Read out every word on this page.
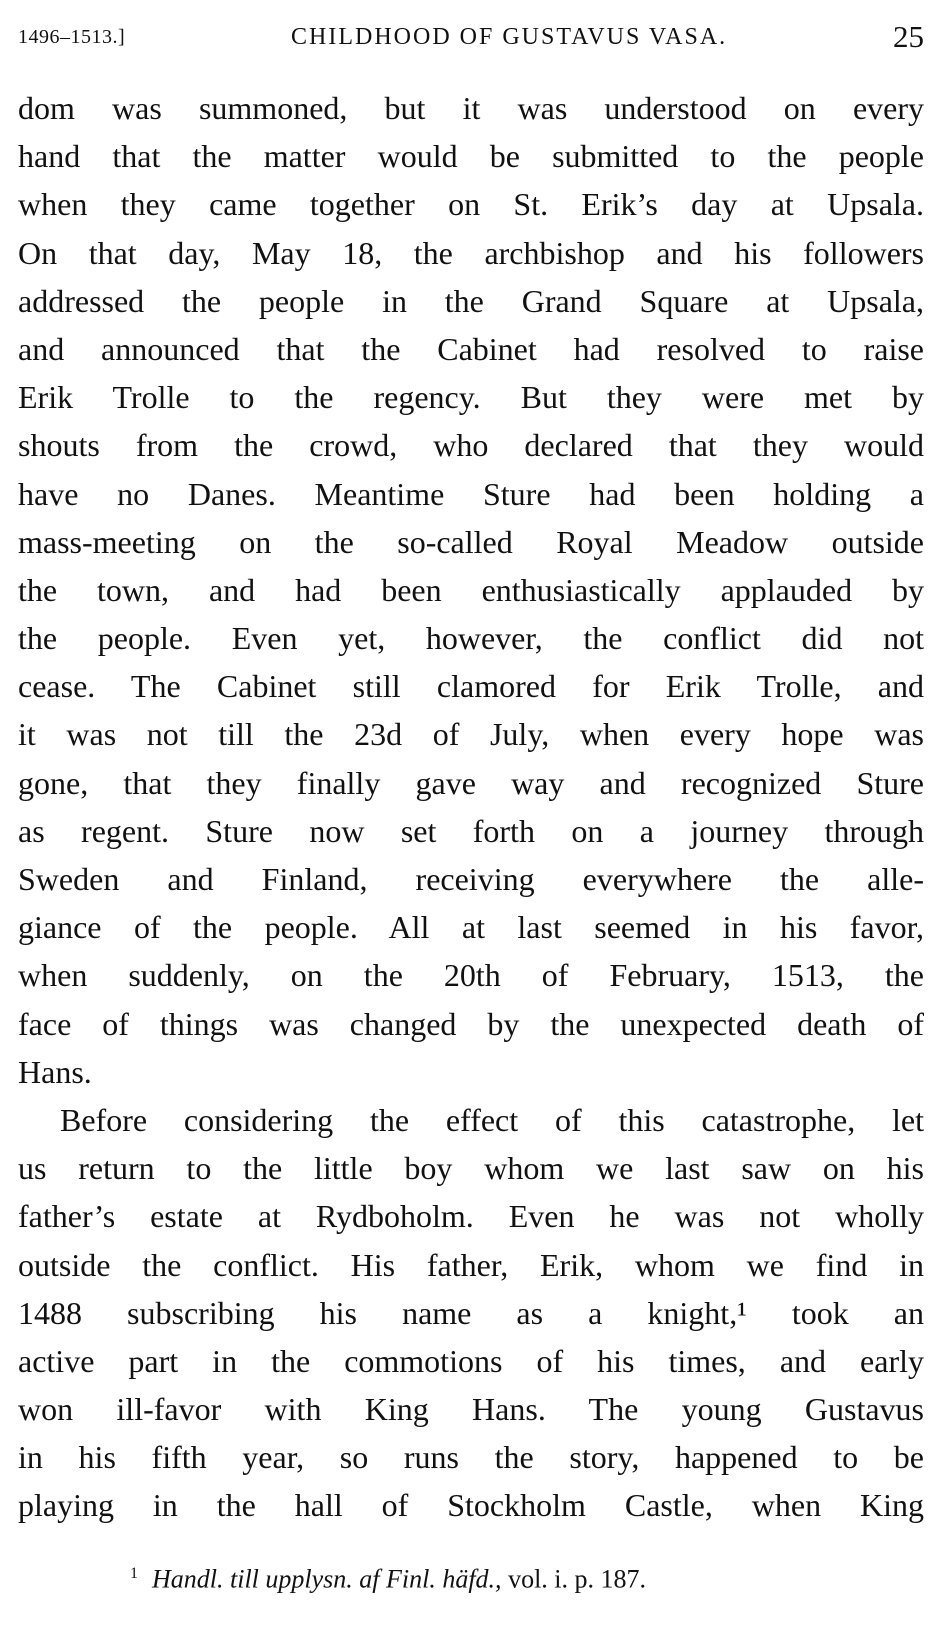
1496–1513.]	CHILDHOOD OF GUSTAVUS VASA.	25
dom was summoned, but it was understood on every
hand that the matter would be submitted to the people
when they came together on St. Erik’s day at Upsala.
On that day, May 18, the archbishop and his followers
addressed the people in the Grand Square at Upsala,
and announced that the Cabinet had resolved to raise
Erik Trolle to the regency. But they were met by
shouts from the crowd, who declared that they would
have no Danes. Meantime Sture had been holding a
mass-meeting on the so-called Royal Meadow outside
the town, and had been enthusiastically applauded by
the people. Even yet, however, the conflict did not
cease. The Cabinet still clamored for Erik Trolle, and
it was not till the 23d of July, when every hope was
gone, that they finally gave way and recognized Sture
as regent. Sture now set forth on a journey through
Sweden and Finland, receiving everywhere the alle-
giance of the people. All at last seemed in his favor,
when suddenly, on the 20th of February, 1513, the
face of things was changed by the unexpected death of
Hans.
Before considering the effect of this catastrophe, let
us return to the little boy whom we last saw on his
father’s estate at Rydboholm. Even he was not wholly
outside the conflict. His father, Erik, whom we find in
1488 subscribing his name as a knight,¹ took an
active part in the commotions of his times, and early
won ill-favor with King Hans. The young Gustavus
in his fifth year, so runs the story, happened to be
playing in the hall of Stockholm Castle, when King
$^1$ Handl. till upplysn. af Finl. häfd., vol. i. p. 187.
